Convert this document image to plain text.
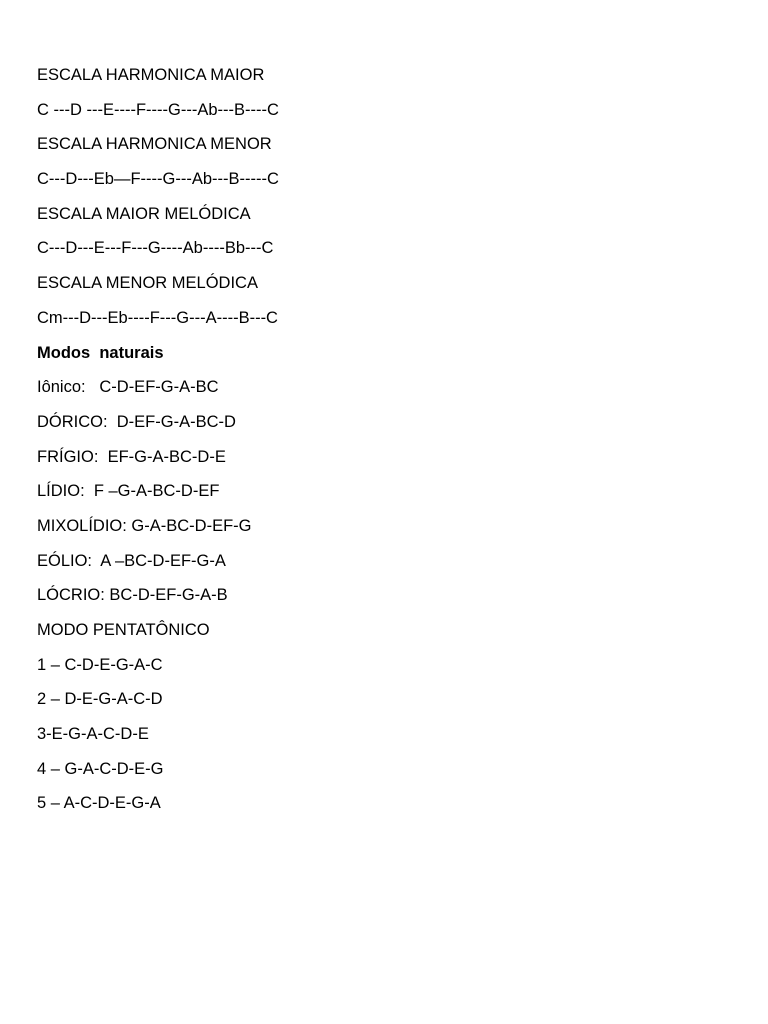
ESCALA HARMONICA MAIOR
C ---D ---E----F----G---Ab---B----C
ESCALA HARMONICA MENOR
C---D---Eb—F----G---Ab---B-----C
ESCALA MAIOR MELÓDICA
C---D---E---F---G----Ab----Bb---C
ESCALA MENOR MELÓDICA
Cm---D---Eb----F---G---A----B---C
Modos  naturais
Iônico:   C-D-EF-G-A-BC
DÓRICO:  D-EF-G-A-BC-D
FRÍGIO:  EF-G-A-BC-D-E
LÍDIO:  F –G-A-BC-D-EF
MIXOLÍDIO: G-A-BC-D-EF-G
EÓLIO:  A –BC-D-EF-G-A
LÓCRIO: BC-D-EF-G-A-B
MODO PENTATÔNICO
1 – C-D-E-G-A-C
2 – D-E-G-A-C-D
3-E-G-A-C-D-E
4 – G-A-C-D-E-G
5 – A-C-D-E-G-A
